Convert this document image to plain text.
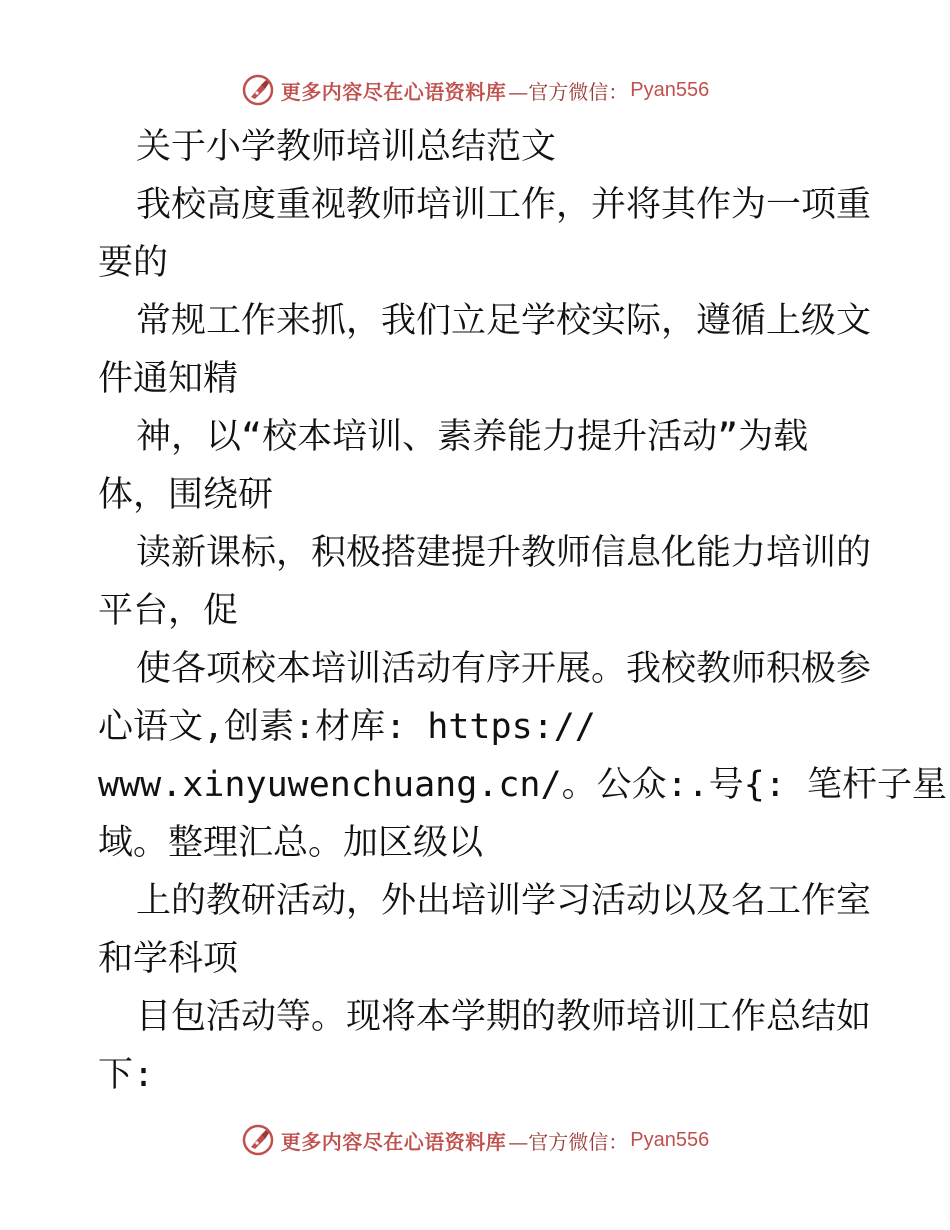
更多内容尽在心语资料库 —官方微信： Pyan556
关于小学教师培训总结范文
我校高度重视教师培训工作，并将其作为一项重
要的
常规工作来抓，我们立足学校实际，遵循上级文
件通知精
神，以“校本培训、素养能力提升活动”为载
体，围绕研
读新课标，积极搭建提升教师信息化能力培训的
平台，促
使各项校本培训活动有序开展。我校教师积极参
心语文,创素:材库: https://
www.xinyuwenchuang.cn/。公众:.号{: 笔杆子星
域。整理汇总。加区级以
上的教研活动，外出培训学习活动以及名工作室
和学科项
目包活动等。现将本学期的教师培训工作总结如
下:
更多内容尽在心语资料库 —官方微信： Pyan556
